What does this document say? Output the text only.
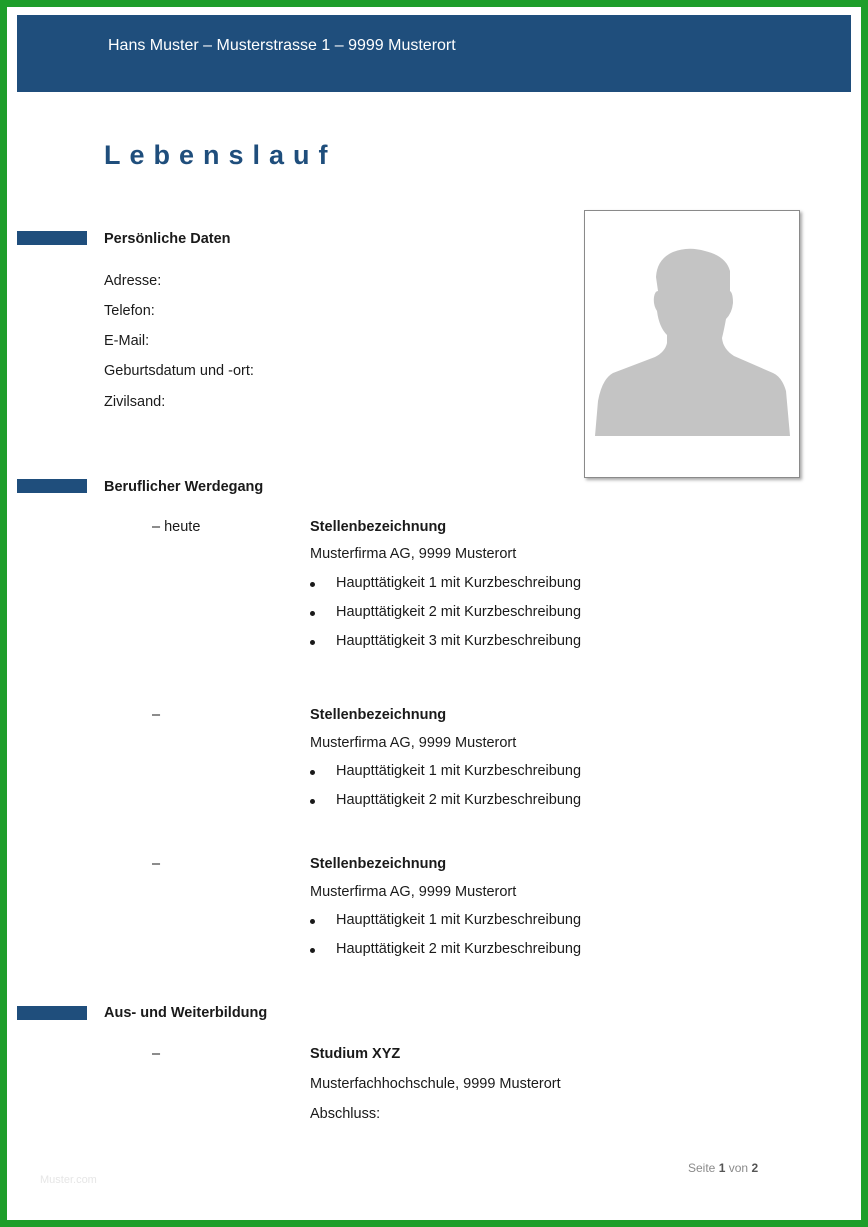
Hans Muster – Musterstrasse 1 – 9999 Musterort
Lebenslauf
Persönliche Daten
Adresse:
Telefon:
E-Mail:
Geburtsdatum und -ort:
Zivilsand:
Beruflicher Werdegang
– heute	Stellenbezeichnung
Musterfirma AG, 9999 Musterort
Haupttätigkeit 1 mit Kurzbeschreibung
Haupttätigkeit 2 mit Kurzbeschreibung
Haupttätigkeit 3 mit Kurzbeschreibung
–	Stellenbezeichnung
Musterfirma AG, 9999 Musterort
Haupttätigkeit 1 mit Kurzbeschreibung
Haupttätigkeit 2 mit Kurzbeschreibung
–	Stellenbezeichnung
Musterfirma AG, 9999 Musterort
Haupttätigkeit 1 mit Kurzbeschreibung
Haupttätigkeit 2 mit Kurzbeschreibung
Aus- und Weiterbildung
–	Studium XYZ
Musterfachhochschule, 9999 Musterort
Abschluss:
Seite 1 von 2
Muster.com
